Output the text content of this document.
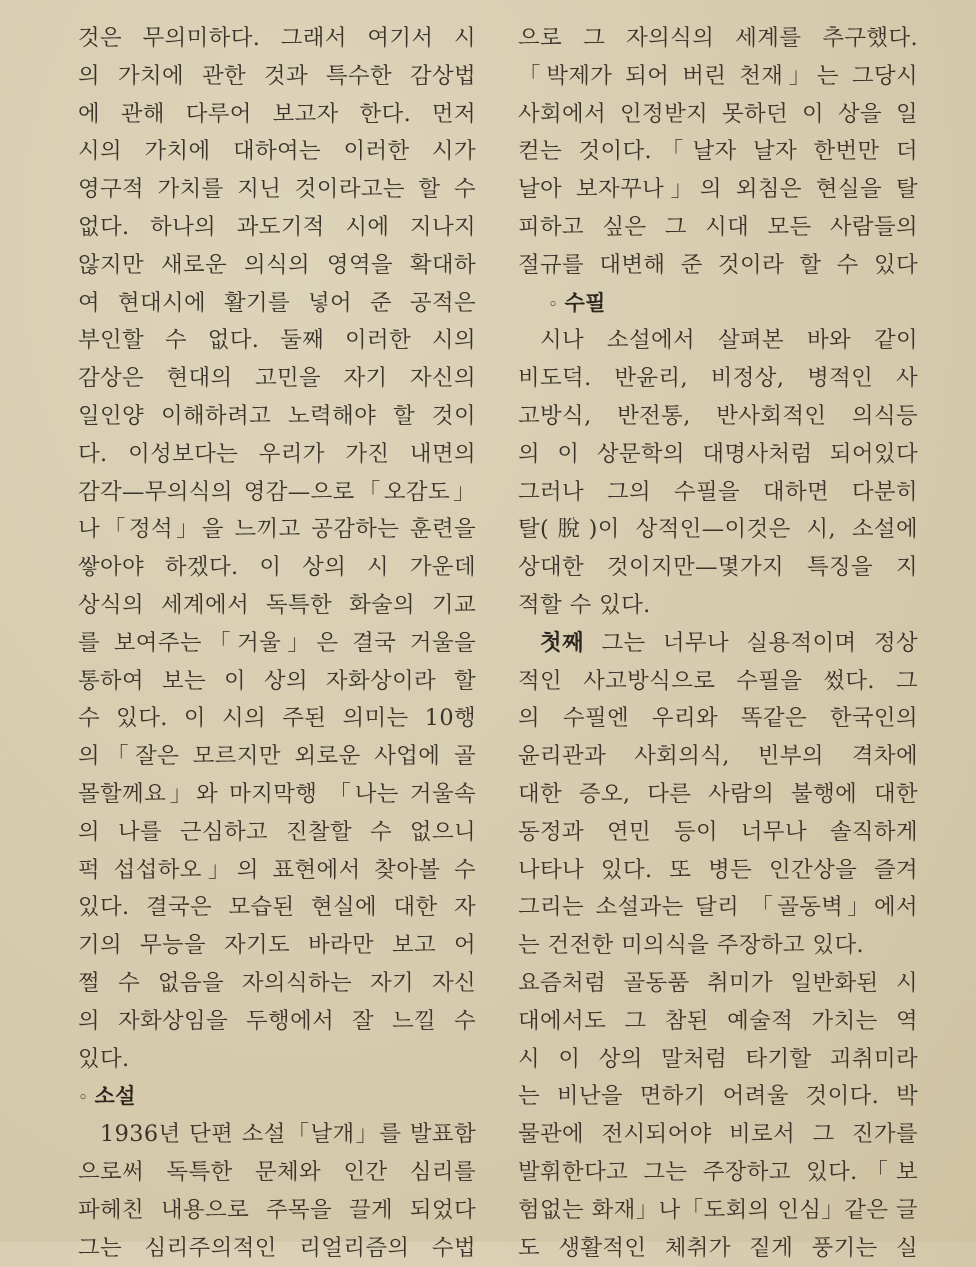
것은 무의미하다. 그래서 여기서 시
의 가치에 관한 것과 특수한 감상법
에 관해 다루어 보고자 한다. 먼저
시의 가치에 대하여는 이러한 시가
영구적 가치를 지닌 것이라고는 할 수
없다. 하나의 과도기적 시에 지나지
않지만 새로운 의식의 영역을 확대하
여 현대시에 활기를 넣어 준 공적은
부인할 수 없다. 둘째 이러한 시의
감상은 현대의 고민을 자기 자신의
일인양 이해하려고 노력해야 할 것이
다. 이성보다는 우리가 가진 내면의
감각—무의식의 영감—으로「오감도」
나「정석」을 느끼고 공감하는 훈련을
쌓아야 하겠다. 이 상의 시 가운데
상식의 세계에서 독특한 화술의 기교
를 보여주는「거울」은 결국 거울을
통하여 보는 이 상의 자화상이라 할
수 있다. 이 시의 주된 의미는 10행
의「잘은 모르지만 외로운 사업에 골
몰할께요」와 마지막행 「나는 거울속
의 나를 근심하고 진찰할 수 없으니
퍽 섭섭하오」의 표현에서 찾아볼 수
있다. 결국은 모습된 현실에 대한 자
기의 무능을 자기도 바라만 보고 어
쩔 수 없음을 자의식하는 자기 자신
의 자화상임을 두행에서 잘 느낄 수
있다.
◦ 소설
1936년 단편 소설「날개」를 발표함
으로써 독특한 문체와 인간 심리를
파헤친 내용으로 주목을 끌게 되었다
그는 심리주의적인 리얼리즘의 수법
으로 그 자의식의 세계를 추구했다.
「박제가 되어 버린 천재」는 그당시
사회에서 인정받지 못하던 이 상을 일
컫는 것이다.「날자 날자 한번만 더
날아 보자꾸나」의 외침은 현실을 탈
피하고 싶은 그 시대 모든 사람들의
절규를 대변해 준 것이라 할 수 있다
◦ 수필
시나 소설에서 살펴본 바와 같이
비도덕. 반윤리, 비정상, 병적인 사
고방식, 반전통, 반사회적인 의식등
의 이 상문학의 대명사처럼 되어있다
그러나 그의 수필을 대하면 다분히
탈(脫)이 상적인—이것은 시, 소설에
상대한 것이지만—몇가지 특징을 지
적할 수 있다.
첫째 그는 너무나 실용적이며 정상
적인 사고방식으로 수필을 썼다. 그
의 수필엔 우리와 똑같은 한국인의
윤리관과 사회의식, 빈부의 격차에
대한 증오, 다른 사람의 불행에 대한
동정과 연민 등이 너무나 솔직하게
나타나 있다. 또 병든 인간상을 즐겨
그리는 소설과는 달리 「골동벽」에서
는 건전한 미의식을 주장하고 있다.
요즘처럼 골동품 취미가 일반화된 시
대에서도 그 참된 예술적 가치는 역
시 이 상의 말처럼 타기할 괴취미라
는 비난을 면하기 어려울 것이다. 박
물관에 전시되어야 비로서 그 진가를
발휘한다고 그는 주장하고 있다.「보
험없는 화재」나「도회의 인심」같은 글
도 생활적인 체취가 짙게 풍기는 실
